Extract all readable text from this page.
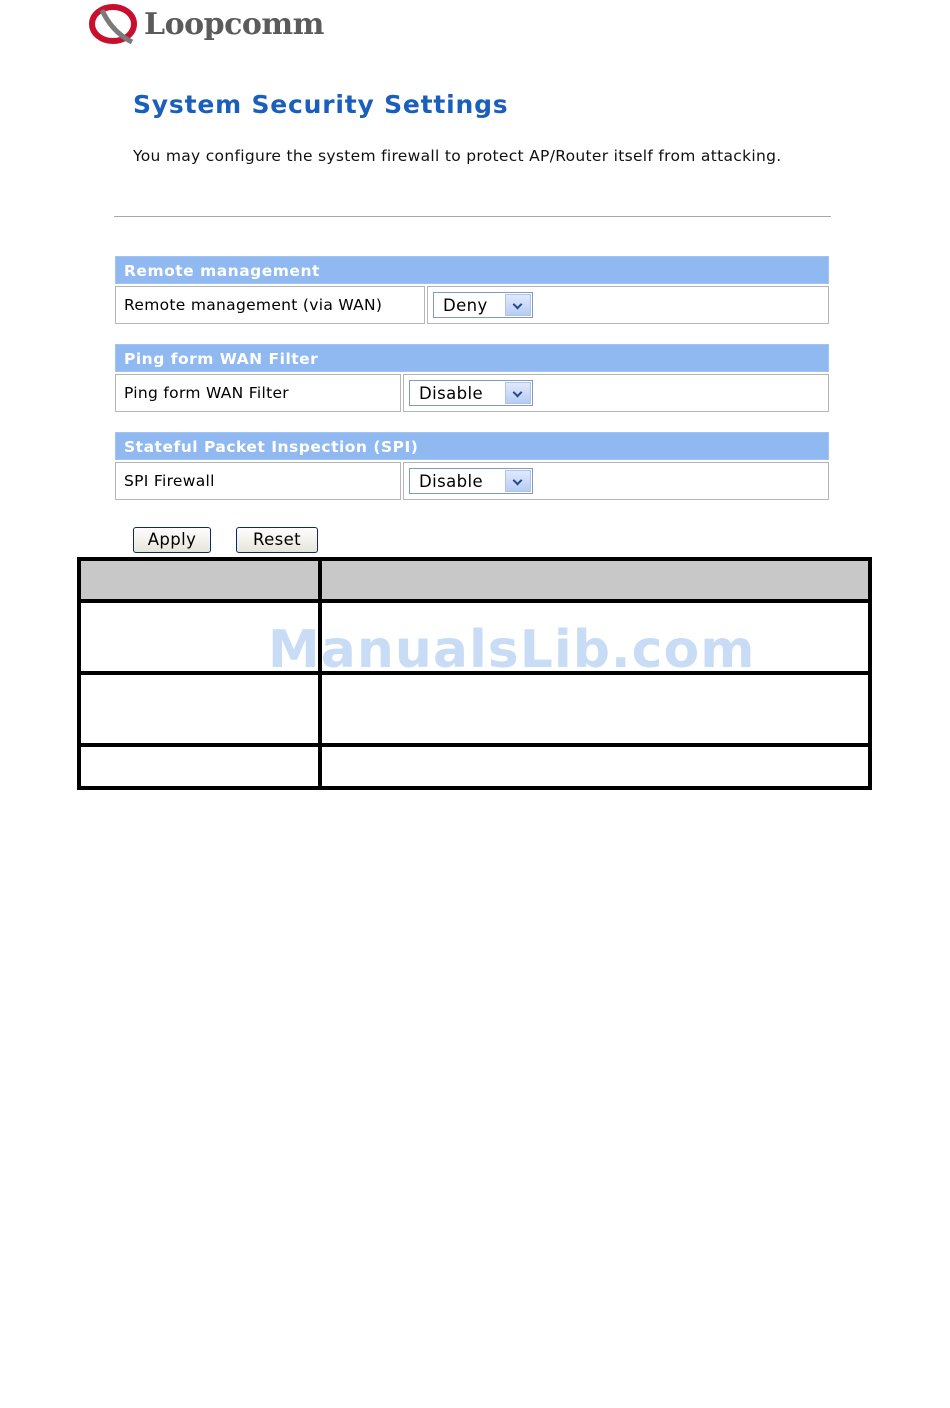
Loopcomm
System Security Settings
You may configure the system firewall to protect AP/Router itself from attacking.
Remote management
Remote management (via WAN)	Deny
Ping form WAN Filter
Ping form WAN Filter	Disable
Stateful Packet Inspection (SPI)
SPI Firewall	Disable
Apply	Reset
ManualsLib.com
